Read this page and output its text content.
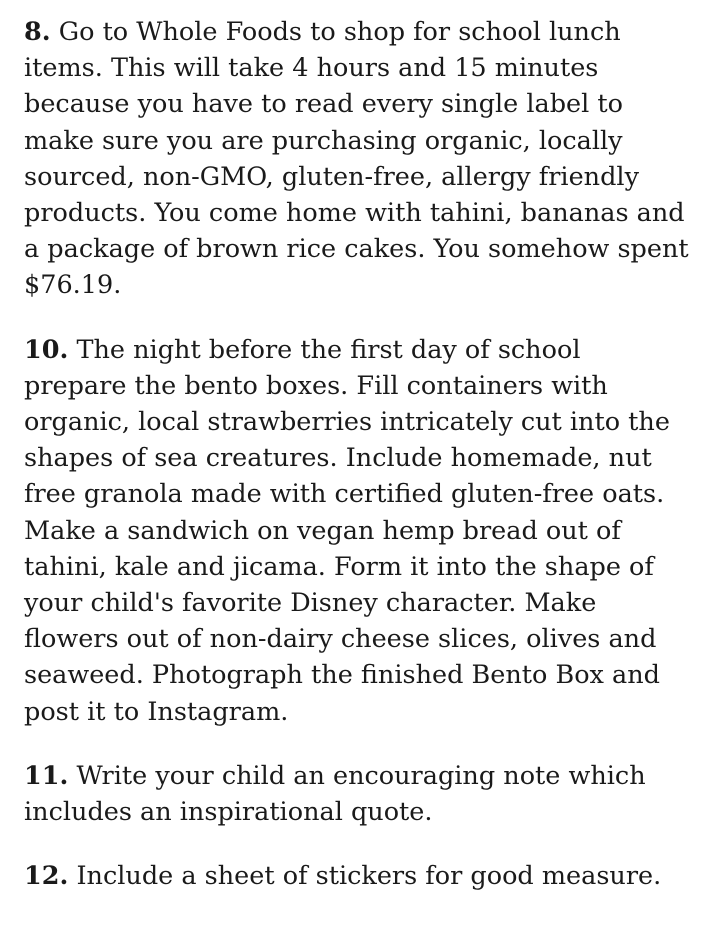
8. Go to Whole Foods to shop for school lunch items. This will take 4 hours and 15 minutes because you have to read every single label to make sure you are purchasing organic, locally sourced, non-GMO, gluten-free, allergy friendly products. You come home with tahini, bananas and a package of brown rice cakes. You somehow spent $76.19.

10. The night before the first day of school prepare the bento boxes. Fill containers with organic, local strawberries intricately cut into the shapes of sea creatures. Include homemade, nut free granola made with certified gluten-free oats. Make a sandwich on vegan hemp bread out of tahini, kale and jicama. Form it into the shape of your child's favorite Disney character. Make flowers out of non-dairy cheese slices, olives and seaweed. Photograph the finished Bento Box and post it to Instagram.

11. Write your child an encouraging note which includes an inspirational quote.

12. Include a sheet of stickers for good measure.
